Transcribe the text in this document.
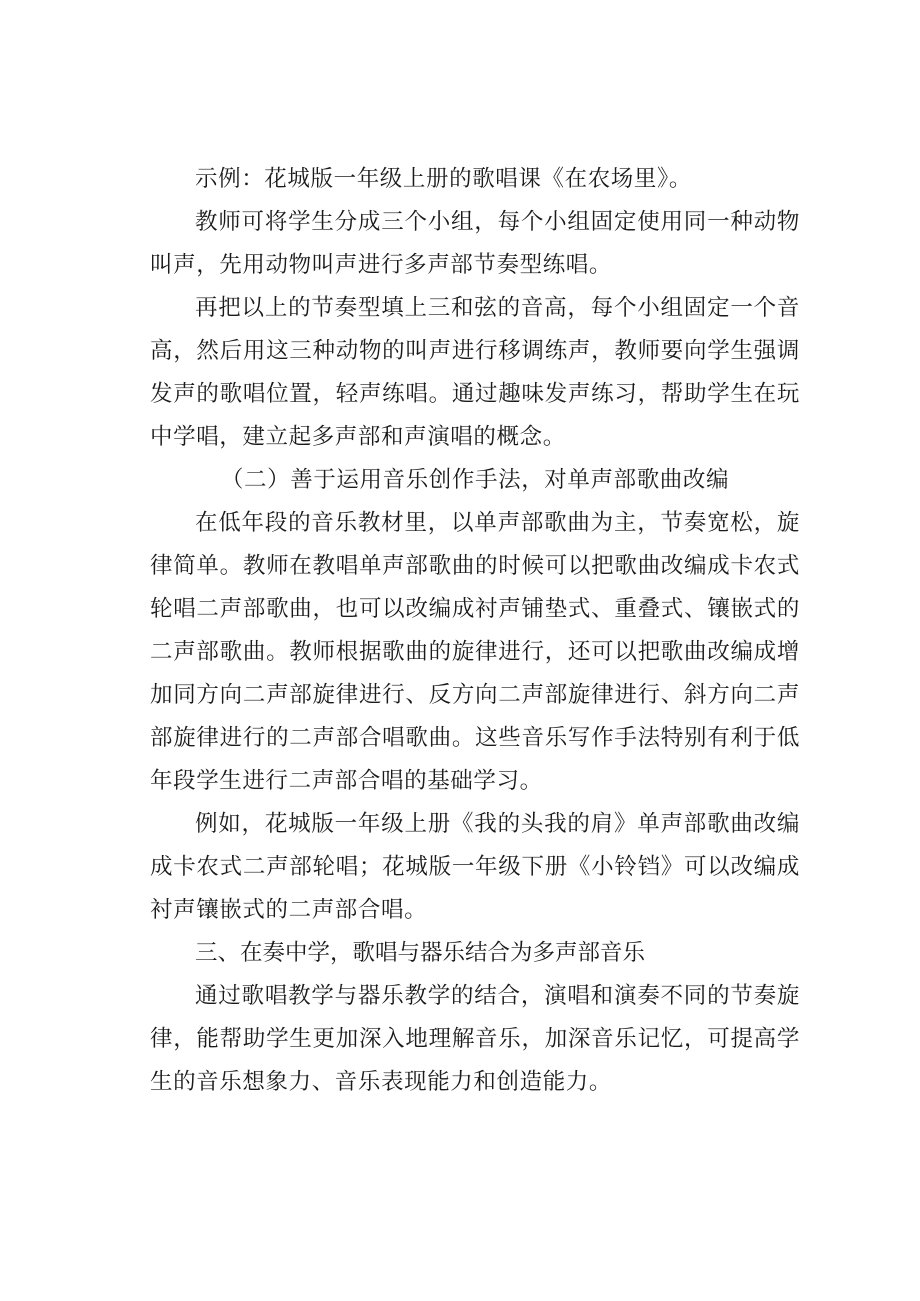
示例：花城版一年级上册的歌唱课《在农场里》。

教师可将学生分成三个小组，每个小组固定使用同一种动物叫声，先用动物叫声进行多声部节奏型练唱。

再把以上的节奏型填上三和弦的音高，每个小组固定一个音高，然后用这三种动物的叫声进行移调练声，教师要向学生强调发声的歌唱位置，轻声练唱。通过趣味发声练习，帮助学生在玩中学唱，建立起多声部和声演唱的概念。

（二）善于运用音乐创作手法，对单声部歌曲改编

在低年段的音乐教材里，以单声部歌曲为主，节奏宽松，旋律简单。教师在教唱单声部歌曲的时候可以把歌曲改编成卡农式轮唱二声部歌曲，也可以改编成衬声铺垫式、重叠式、镶嵌式的二声部歌曲。教师根据歌曲的旋律进行，还可以把歌曲改编成增加同方向二声部旋律进行、反方向二声部旋律进行、斜方向二声部旋律进行的二声部合唱歌曲。这些音乐写作手法特别有利于低年段学生进行二声部合唱的基础学习。

例如，花城版一年级上册《我的头我的肩》单声部歌曲改编成卡农式二声部轮唱；花城版一年级下册《小铃铛》可以改编成衬声镶嵌式的二声部合唱。

三、在奏中学，歌唱与器乐结合为多声部音乐

通过歌唱教学与器乐教学的结合，演唱和演奏不同的节奏旋律，能帮助学生更加深入地理解音乐，加深音乐记忆，可提高学生的音乐想象力、音乐表现能力和创造能力。
